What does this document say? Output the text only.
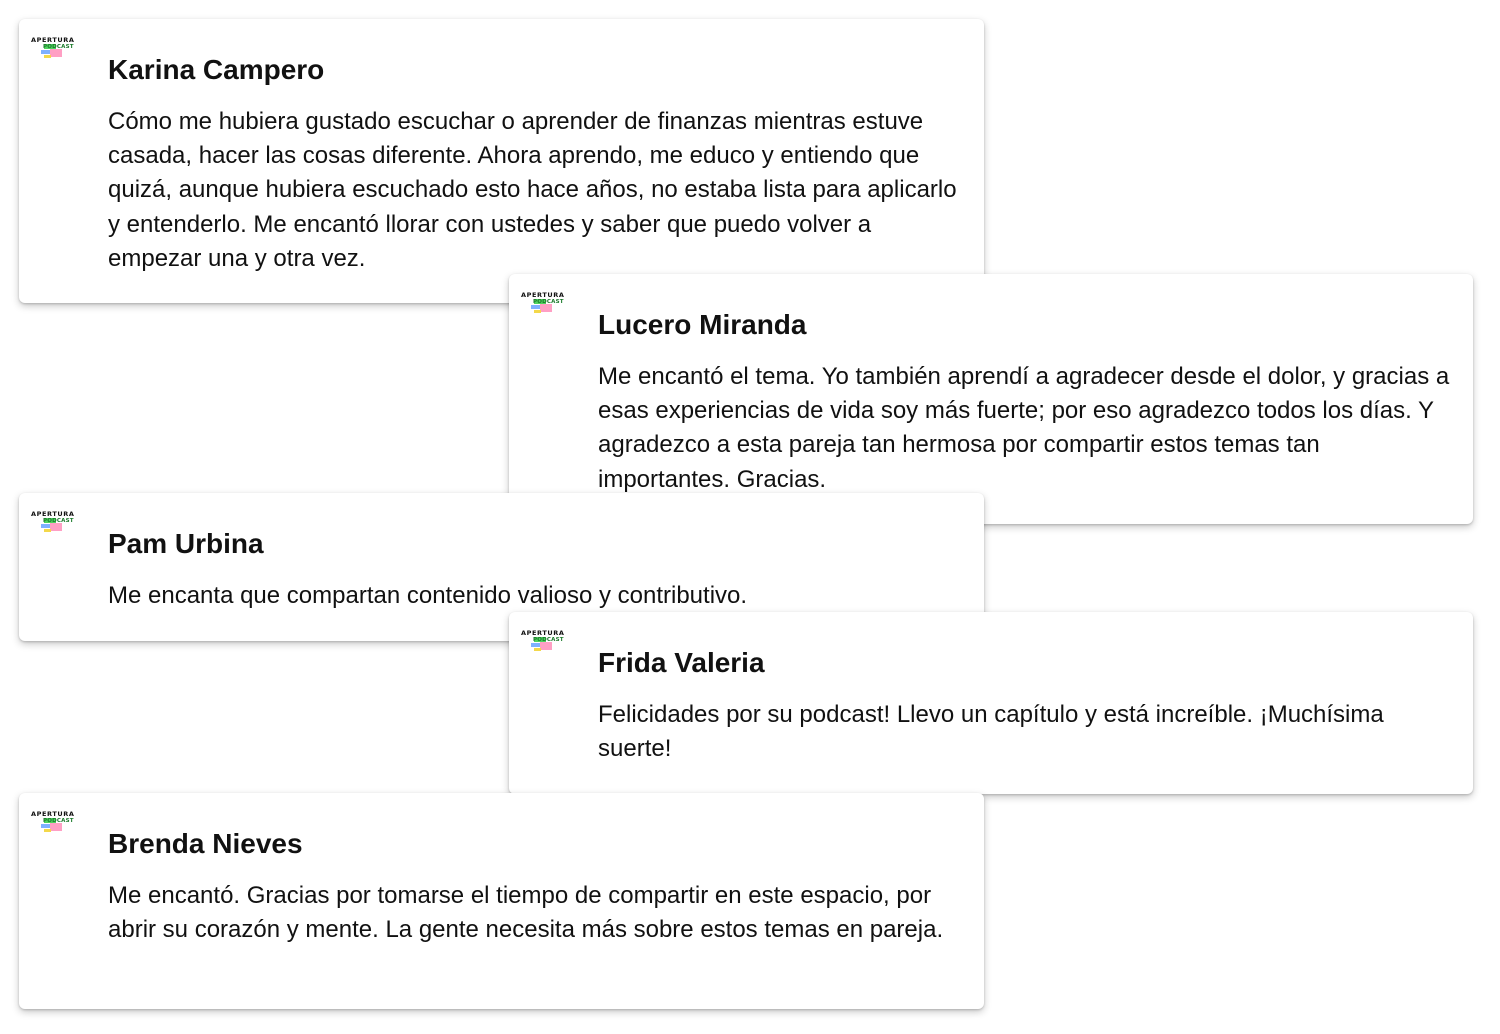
APERTURA
PODCAST
Karina Campero

Cómo me hubiera gustado escuchar o aprender de finanzas mientras estuve casada, hacer las cosas diferente. Ahora aprendo, me educo y entiendo que quizá, aunque hubiera escuchado esto hace años, no estaba lista para aplicarlo y entenderlo. Me encantó llorar con ustedes y saber que puedo volver a empezar una y otra vez.

APERTURA
PODCAST
Lucero Miranda

Me encantó el tema. Yo también aprendí a agradecer desde el dolor, y gracias a esas experiencias de vida soy más fuerte; por eso agradezco todos los días. Y agradezco a esta pareja tan hermosa por compartir estos temas tan importantes. Gracias.

APERTURA
PODCAST
Pam Urbina

Me encanta que compartan contenido valioso y contributivo.

APERTURA
PODCAST
Frida Valeria

Felicidades por su podcast! Llevo un capítulo y está increíble. ¡Muchísima suerte!

APERTURA
PODCAST
Brenda Nieves

Me encantó. Gracias por tomarse el tiempo de compartir en este espacio, por abrir su corazón y mente. La gente necesita más sobre estos temas en pareja.
